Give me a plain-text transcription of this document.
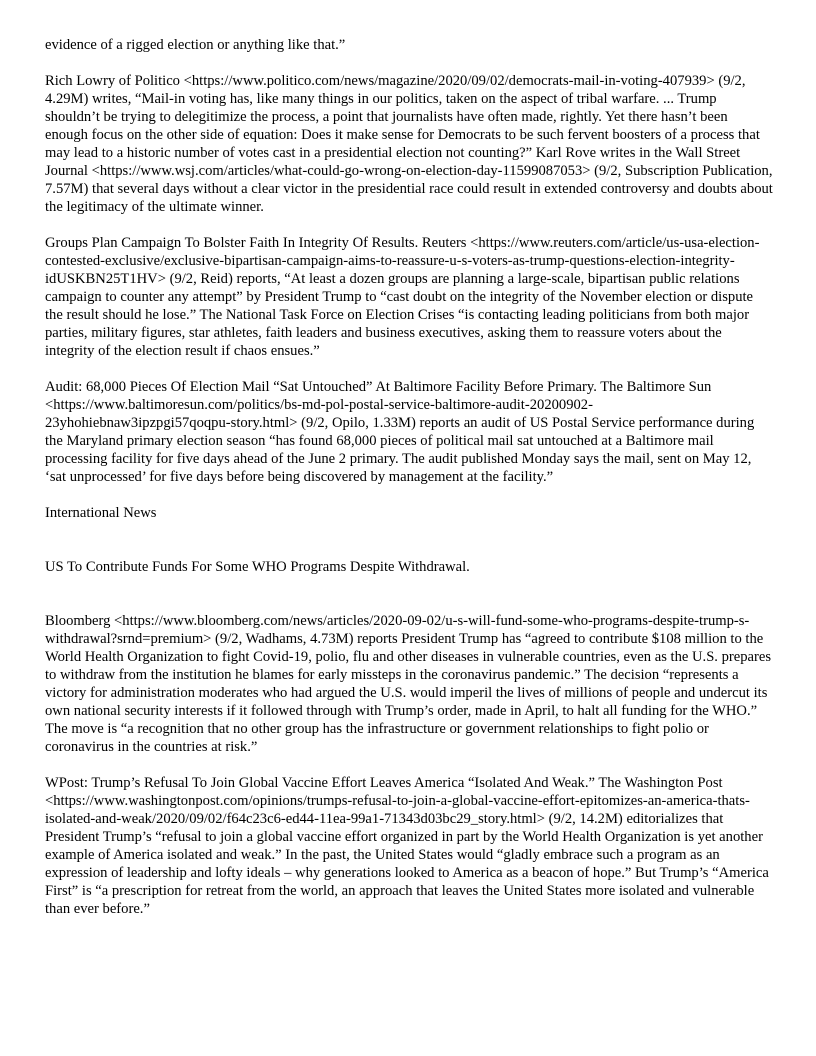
evidence of a rigged election or anything like that.”

Rich Lowry of Politico <https://www.politico.com/news/magazine/2020/09/02/democrats-mail-in-voting-407939> (9/2, 4.29M) writes, “Mail-in voting has, like many things in our politics, taken on the aspect of tribal warfare. ... Trump shouldn’t be trying to delegitimize the process, a point that journalists have often made, rightly. Yet there hasn’t been enough focus on the other side of equation: Does it make sense for Democrats to be such fervent boosters of a process that may lead to a historic number of votes cast in a presidential election not counting?” Karl Rove writes in the Wall Street Journal <https://www.wsj.com/articles/what-could-go-wrong-on-election-day-11599087053> (9/2, Subscription Publication, 7.57M) that several days without a clear victor in the presidential race could result in extended controversy and doubts about the legitimacy of the ultimate winner.

Groups Plan Campaign To Bolster Faith In Integrity Of Results. Reuters <https://www.reuters.com/article/us-usa-election-contested-exclusive/exclusive-bipartisan-campaign-aims-to-reassure-u-s-voters-as-trump-questions-election-integrity-idUSKBN25T1HV> (9/2, Reid) reports, “At least a dozen groups are planning a large-scale, bipartisan public relations campaign to counter any attempt” by President Trump to “cast doubt on the integrity of the November election or dispute the result should he lose.” The National Task Force on Election Crises “is contacting leading politicians from both major parties, military figures, star athletes, faith leaders and business executives, asking them to reassure voters about the integrity of the election result if chaos ensues.”

Audit: 68,000 Pieces Of Election Mail “Sat Untouched” At Baltimore Facility Before Primary. The Baltimore Sun <https://www.baltimoresun.com/politics/bs-md-pol-postal-service-baltimore-audit-20200902-23yhohiebnaw3ipzpgi57qoqpu-story.html> (9/2, Opilo, 1.33M) reports an audit of US Postal Service performance during the Maryland primary election season “has found 68,000 pieces of political mail sat untouched at a Baltimore mail processing facility for five days ahead of the June 2 primary. The audit published Monday says the mail, sent on May 12, ‘sat unprocessed’ for five days before being discovered by management at the facility.”

International News

US To Contribute Funds For Some WHO Programs Despite Withdrawal.

Bloomberg <https://www.bloomberg.com/news/articles/2020-09-02/u-s-will-fund-some-who-programs-despite-trump-s-withdrawal?srnd=premium> (9/2, Wadhams, 4.73M) reports President Trump has “agreed to contribute $108 million to the World Health Organization to fight Covid-19, polio, flu and other diseases in vulnerable countries, even as the U.S. prepares to withdraw from the institution he blames for early missteps in the coronavirus pandemic.” The decision “represents a victory for administration moderates who had argued the U.S. would imperil the lives of millions of people and undercut its own national security interests if it followed through with Trump’s order, made in April, to halt all funding for the WHO.” The move is “a recognition that no other group has the infrastructure or government relationships to fight polio or coronavirus in the countries at risk.”

WPost: Trump’s Refusal To Join Global Vaccine Effort Leaves America “Isolated And Weak.” The Washington Post <https://www.washingtonpost.com/opinions/trumps-refusal-to-join-a-global-vaccine-effort-epitomizes-an-america-thats-isolated-and-weak/2020/09/02/f64c23c6-ed44-11ea-99a1-71343d03bc29_story.html> (9/2, 14.2M) editorializes that President Trump’s “refusal to join a global vaccine effort organized in part by the World Health Organization is yet another example of America isolated and weak.” In the past, the United States would “gladly embrace such a program as an expression of leadership and lofty ideals – why generations looked to America as a beacon of hope.” But Trump’s “America First” is “a prescription for retreat from the world, an approach that leaves the United States more isolated and vulnerable than ever before.”
